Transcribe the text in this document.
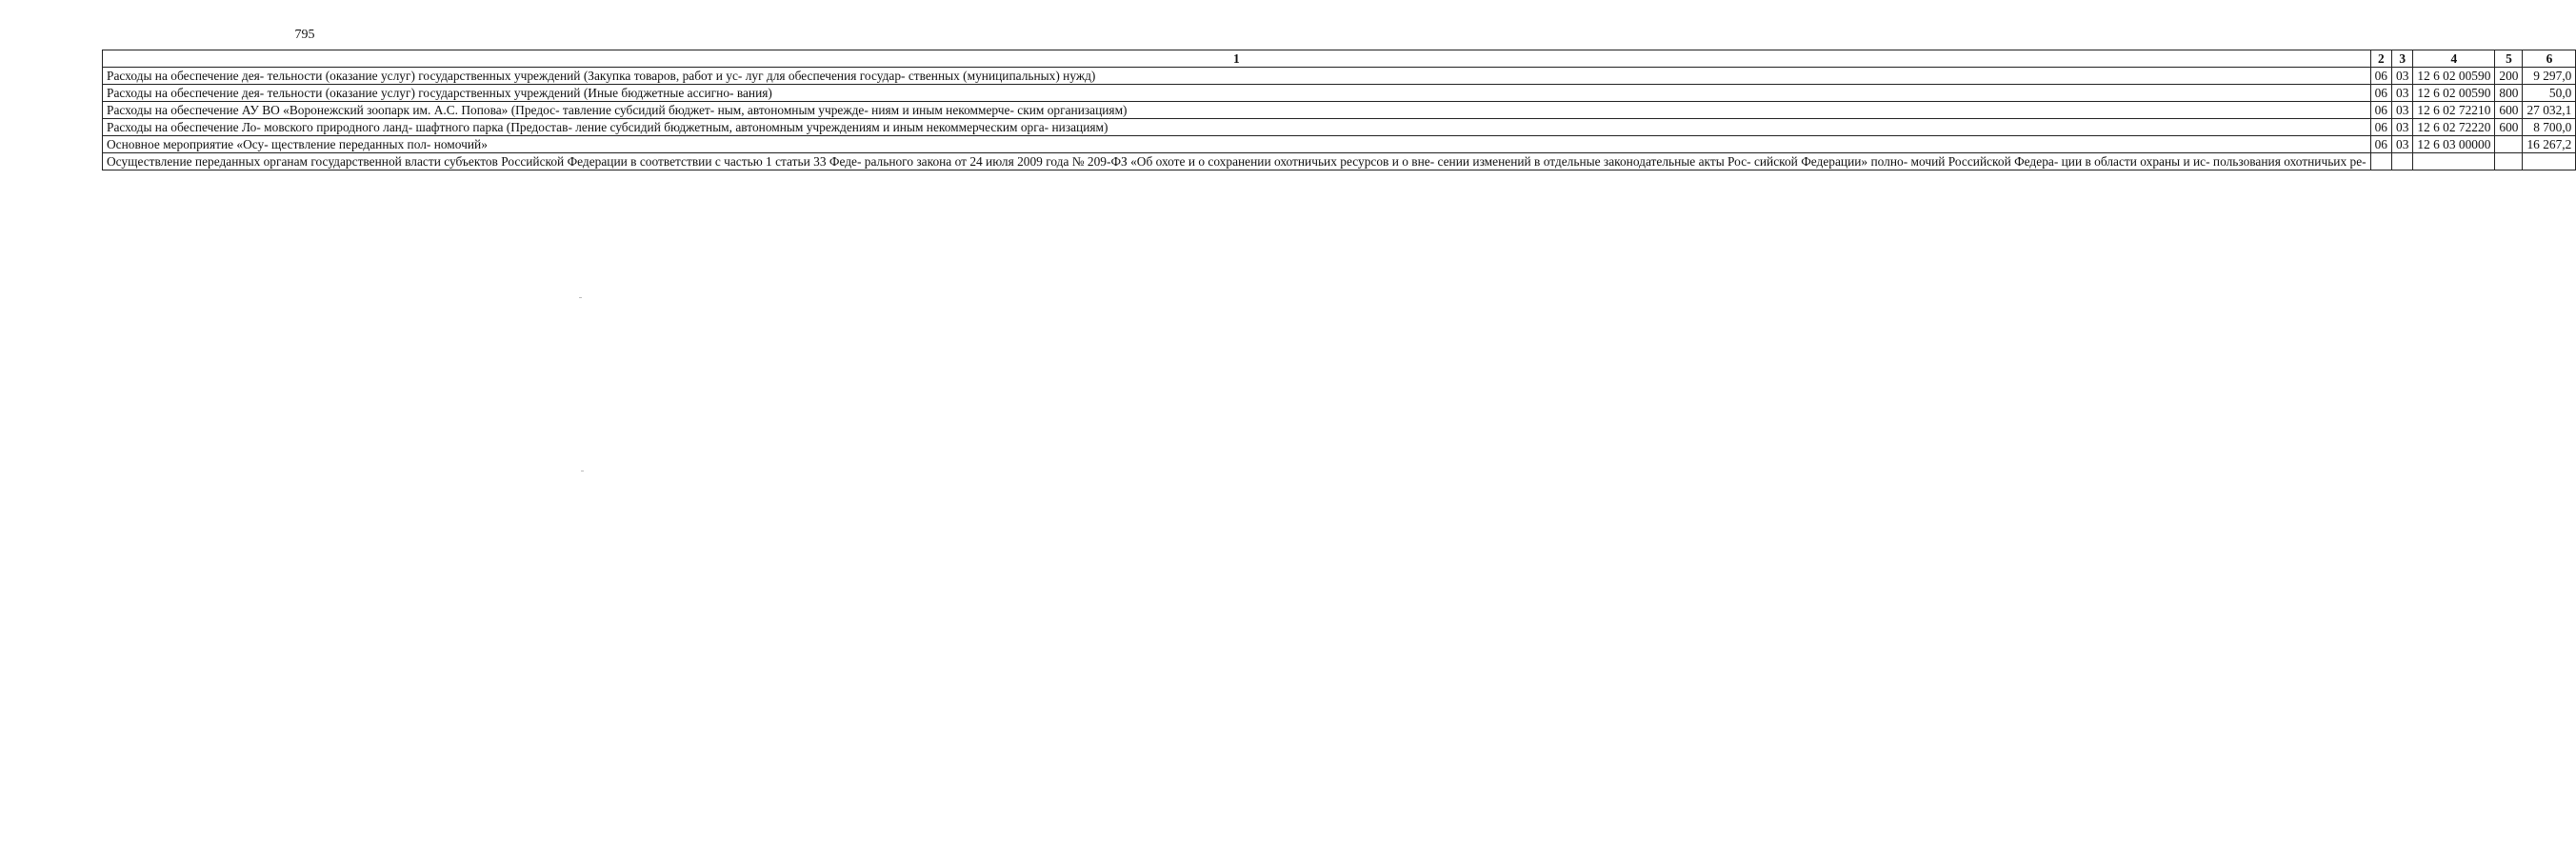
795
1	2	3	4	5	6
Расходы на обеспечение дея- тельности (оказание услуг) государственных учреждений (Закупка товаров, работ и ус- луг для обеспечения государ- ственных (муниципальных) нужд)	06	03	12 6 02 00590	200	9 297,0
Расходы на обеспечение дея- тельности (оказание услуг) государственных учреждений (Иные бюджетные ассигно- вания)	06	03	12 6 02 00590	800	50,0
Расходы на обеспечение АУ ВО «Воронежский зоопарк им. А.С. Попова» (Предос- тавление субсидий бюджет- ным, автономным учрежде- ниям и иным некоммерче- ским организациям)	06	03	12 6 02 72210	600	27 032,1
Расходы на обеспечение Ло- мовского природного ланд- шафтного парка (Предостав- ление субсидий бюджетным, автономным учреждениям и иным некоммерческим орга- низациям)	06	03	12 6 02 72220	600	8 700,0
Основное мероприятие «Осу- ществление переданных пол- номочий»	06	03	12 6 03 00000		16 267,2
Осуществление переданных органам государственной власти субъектов Российской Федерации в соответствии с частью 1 статьи 33 Феде- рального закона от 24 июля 2009 года № 209-ФЗ «Об охоте и о сохранении охотничьих ресурсов и о вне- сении изменений в отдельные законодательные акты Рос- сийской Федерации» полно- мочий Российской Федера- ции в области охраны и ис- пользования охотничьих ре-					
